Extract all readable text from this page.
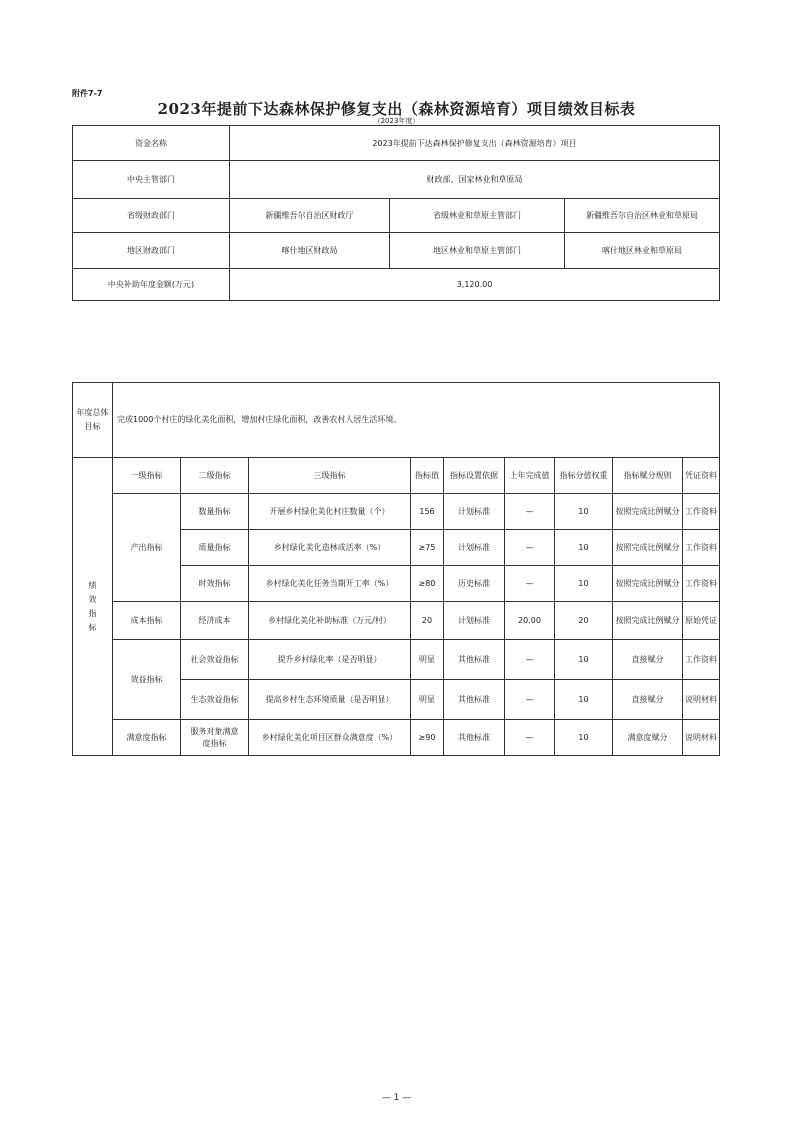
附件7-7
2023年提前下达森林保护修复支出（森林资源培育）项目绩效目标表
（2023年度）
资金名称	2023年提前下达森林保护修复支出（森林资源培育）项目		
中央主管部门	财政部、国家林业和草原局		
省级财政部门	新疆维吾尔自治区财政厅	省级林业和草原主管部门	新疆维吾尔自治区林业和草原局
地区财政部门	喀什地区财政局	地区林业和草原主管部门	喀什地区林业和草原局
中央补助年度金额(万元)	3,120.00		
年度总体目标	完成1000个村庄的绿化美化面积，增加村庄绿化面积，改善农村人居生活环境。								
绩效指标	一级指标	二级指标	三级指标	指标值	指标设置依据	上年完成值	指标分值权重	指标赋分规则	凭证资料
	产出指标	数量指标	开展乡村绿化美化村庄数量（个）	156	计划标准	—	10	按照完成比例赋分	工作资料
		质量指标	乡村绿化美化造林成活率（%）	≥75	计划标准	—	10	按照完成比例赋分	工作资料
		时效指标	乡村绿化美化任务当期开工率（%）	≥80	历史标准	—	10	按照完成比例赋分	工作资料
	成本指标	经济成本	乡村绿化美化补助标准（万元/村）	20	计划标准	20.00	20	按照完成比例赋分	原始凭证
	效益指标	社会效益指标	提升乡村绿化率（是否明显）	明显	其他标准	—	10	直接赋分	工作资料
		生态效益指标	提高乡村生态环境质量（是否明显）	明显	其他标准	—	10	直接赋分	说明材料
	满意度指标	服务对象满意度指标	乡村绿化美化项目区群众满意度（%）	≥90	其他标准	—	10	满意度赋分	说明材料
— 1 —
